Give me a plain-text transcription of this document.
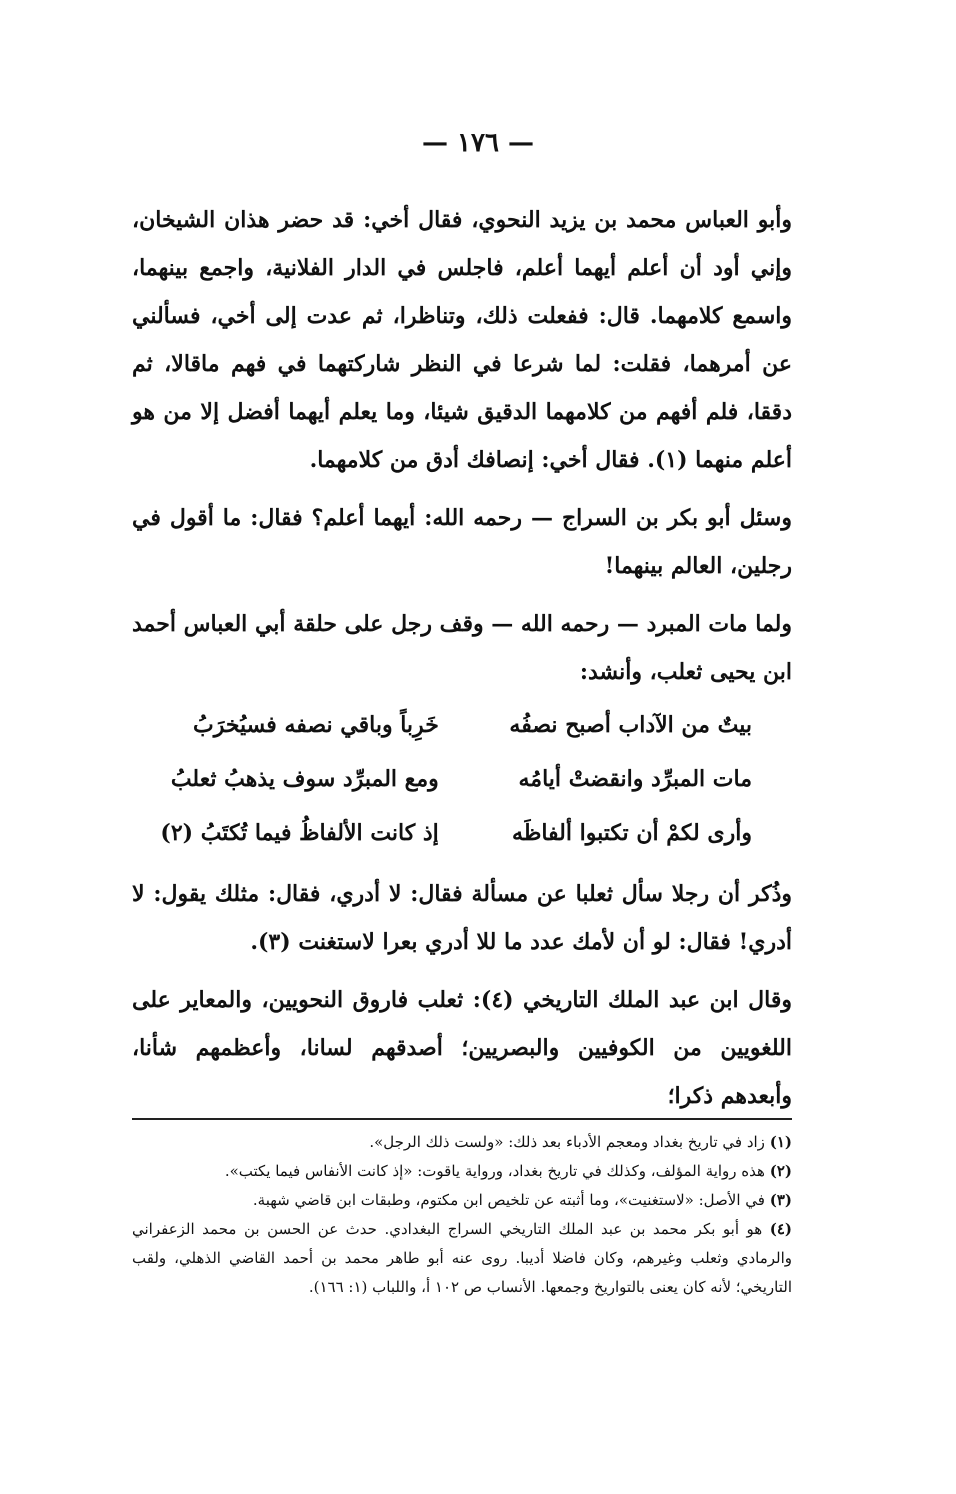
— ١٧٦ —

وأبو العباس محمد بن يزيد النحوي، فقال أخي: قد حضر هذان الشيخان، وإني أود أن أعلم أيهما أعلم، فاجلس في الدار الفلانية، واجمع بينهما، واسمع كلامهما. قال: ففعلت ذلك، وتناظرا، ثم عدت إلى أخي، فسألني عن أمرهما، فقلت: لما شرعا في النظر شاركتهما في فهم ماقالا، ثم دققا، فلم أفهم من كلامهما الدقيق شيئا، وما يعلم أيهما أفضل إلا من هو أعلم منهما (١). فقال أخي: إنصافك أدق من كلامهما.

وسئل أبو بكر بن السراج — رحمه الله: أيهما أعلم؟ فقال: ما أقول في رجلين، العالم بينهما!

ولما مات المبرد — رحمه الله — وقف رجل على حلقة أبي العباس أحمد ابن يحيى ثعلب، وأنشد:

بيتٌ من الآداب أصبح نصفُه
خَرِباً وباقي نصفه فسيُخرَبُ
مات المبرِّد وانقضتْ أيامُه
ومع المبرِّد سوف يذهبُ ثعلبُ
وأرى لكمْ أن تكتبوا ألفاظَه
إذ كانت الألفاظُ فيما تُكتَبُ (٢)

وذُكر أن رجلا سأل ثعلبا عن مسألة فقال: لا أدري، فقال: مثلك يقول: لا أدري! فقال: لو أن لأمك عدد ما للا أدري بعرا لاستغنت (٣).

وقال ابن عبد الملك التاريخي (٤): ثعلب فاروق النحويين، والمعاير على اللغويين من الكوفيين والبصريين؛ أصدقهم لسانا، وأعظمهم شأنا، وأبعدهم ذكرا؛

(١) زاد في تاريخ بغداد ومعجم الأدباء بعد ذلك: «ولست ذلك الرجل».

(٢) هذه رواية المؤلف، وكذلك في تاريخ بغداد، ورواية ياقوت: «إذ كانت الأنفاس فيما يكتب».

(٣) في الأصل: «لاستغنيت»، وما أثبته عن تلخيص ابن مكتوم، وطبقات ابن قاضي شهبة.

(٤) هو أبو بكر محمد بن عبد الملك التاريخي السراج البغدادي. حدث عن الحسن بن محمد الزعفراني والرمادي وثعلب وغيرهم، وكان فاضلا أديبا. روى عنه أبو طاهر محمد بن أحمد القاضي الذهلي، ولقب التاريخي؛ لأنه كان يعنى بالتواريخ وجمعها. الأنساب ص ١٠٢ أ، واللباب (١: ١٦٦).
